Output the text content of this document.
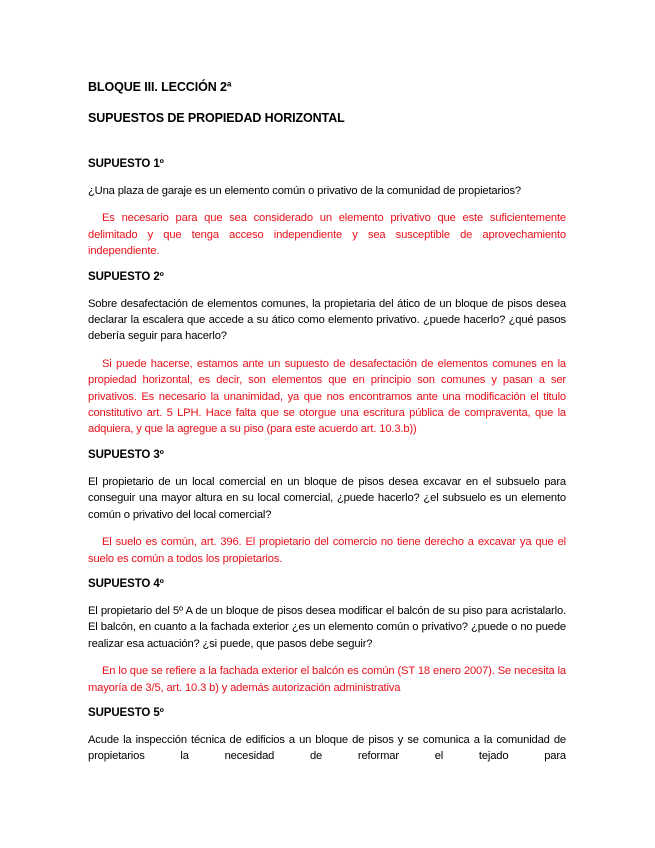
BLOQUE III. LECCIÓN 2ª

SUPUESTOS DE PROPIEDAD HORIZONTAL

SUPUESTO 1º

¿Una plaza de garaje es un elemento común o privativo de la comunidad de propietarios?

Es necesario para que sea considerado un elemento privativo que este suficientemente delimitado y que tenga acceso independiente y sea susceptible de aprovechamiento independiente.

SUPUESTO 2º

Sobre desafectación de elementos comunes, la propietaria del ático de un bloque de pisos desea declarar la escalera que accede a su ático como elemento privativo. ¿puede hacerlo? ¿qué pasos debería seguir para hacerlo?

Si puede hacerse, estamos ante un supuesto de desafectación de elementos comunes en la propiedad horizontal, es decir, son elementos que en principio son comunes y pasan a ser privativos. Es necesario la unanimidad, ya que nos encontramos ante una modificación el titulo constitutivo art. 5 LPH. Hace falta que se otorgue una escritura pública de compraventa, que la adquiera, y que la agregue a su piso (para este acuerdo art. 10.3.b))

SUPUESTO 3º

El propietario de un local comercial en un bloque de pisos desea excavar en el subsuelo para conseguir una mayor altura en su local comercial, ¿puede hacerlo? ¿el subsuelo es un elemento común o privativo del local comercial?

El suelo es común, art. 396. El propietario del comercio no tiene derecho a excavar ya que el suelo es común a todos los propietarios.

SUPUESTO 4º

El propietario del 5º A de un bloque de pisos desea modificar el balcón de su piso para acristalarlo. El balcón, en cuanto a la fachada exterior ¿es un elemento común o privativo? ¿puede o no puede realizar esa actuación? ¿si puede, que pasos debe seguir?

En lo que se refiere a la fachada exterior el balcón es común (ST 18 enero 2007). Se necesita la mayoría de 3/5, art. 10.3 b) y además autorización administrativa

SUPUESTO 5º

Acude la inspección técnica de edificios a un bloque de pisos y se comunica a la comunidad de propietarios la necesidad de reformar el tejado para
